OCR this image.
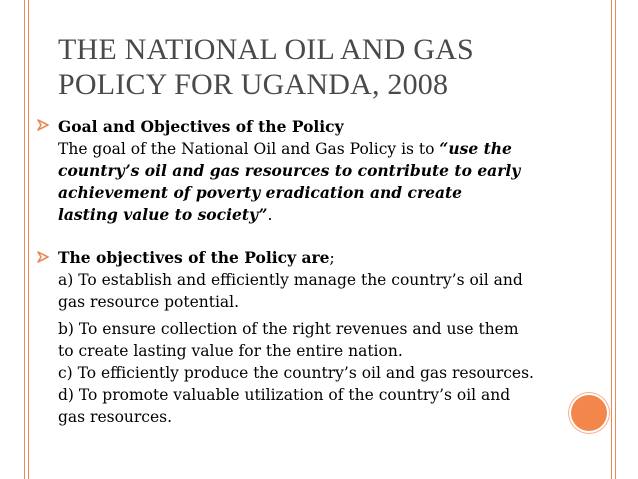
THE NATIONAL OIL AND GAS
POLICY FOR UGANDA, 2008
Goal and Objectives of the Policy
The goal of the National Oil and Gas Policy is to “use the
country’s oil and gas resources to contribute to early
achievement of poverty eradication and create
lasting value to society”.
The objectives of the Policy are;
a) To establish and efficiently manage the country’s oil and
gas resource potential.
b) To ensure collection of the right revenues and use them
to create lasting value for the entire nation.
c) To efficiently produce the country’s oil and gas resources.
d) To promote valuable utilization of the country’s oil and
gas resources.
